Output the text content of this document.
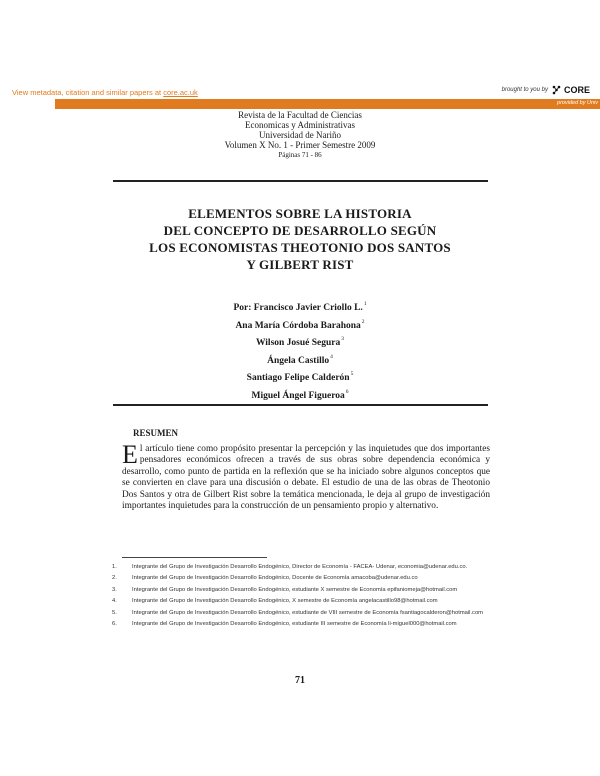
View metadata, citation and similar papers at core.ac.uk	brought to you by CORE
provided by Univ
Revista de la Facultad de Ciencias
Economicas y Administrativas
Universidad de Nariño
Volumen X No. 1 - Primer Semestre 2009
Páginas 71 - 86
ELEMENTOS SOBRE LA HISTORIA
DEL CONCEPTO DE DESARROLLO SEGÚN
LOS ECONOMISTAS THEOTONIO DOS SANTOS
Y GILBERT RIST
Por: Francisco Javier Criollo L.$^1$
Ana María Córdoba Barahona$^2$
Wilson Josué Segura$^3$
Ángela Castillo$^4$
Santiago Felipe Calderón$^5$
Miguel Ángel Figueroa$^6$
RESUMEN
El artículo tiene como propósito presentar la percepción y las inquietudes que dos importantes pensadores económicos ofrecen a través de sus obras sobre dependencia económica y desarrollo, como punto de partida en la reflexión que se ha iniciado sobre algunos conceptos que se convierten en clave para una discusión o debate. El estudio de una de las obras de Theotonio Dos Santos y otra de Gilbert Rist sobre la temática mencionada, le deja al grupo de investigación importantes inquietudes para la construcción de un pensamiento propio y alternativo.
1.	Integrante del Grupo de Investigación Desarrollo Endogénico, Director de Economía - FACEA- Udenar, economia@udenar.edu.co.
2.	Integrante del Grupo de Investigación Desarrollo Endogénico, Docente de Economía amacoba@udenar.edu.co
3.	Integrante del Grupo de Investigación Desarrollo Endogénico, estudiante X semestre de Economía epifaniomeja@hotmail.com
4.	Integrante del Grupo de Investigación Desarrollo Endogénico, X semestre de Economía angelacastillo98@hotmail.com
5.	Integrante del Grupo de Investigación Desarrollo Endogénico, estudiante de VIII semestre de Economía fsantiagocalderon@hotmail.com
6.	Integrante del Grupo de Investigación Desarrollo Endogénico, estudiante III semestre de Economía li-miguel000@hotmail.com
71
